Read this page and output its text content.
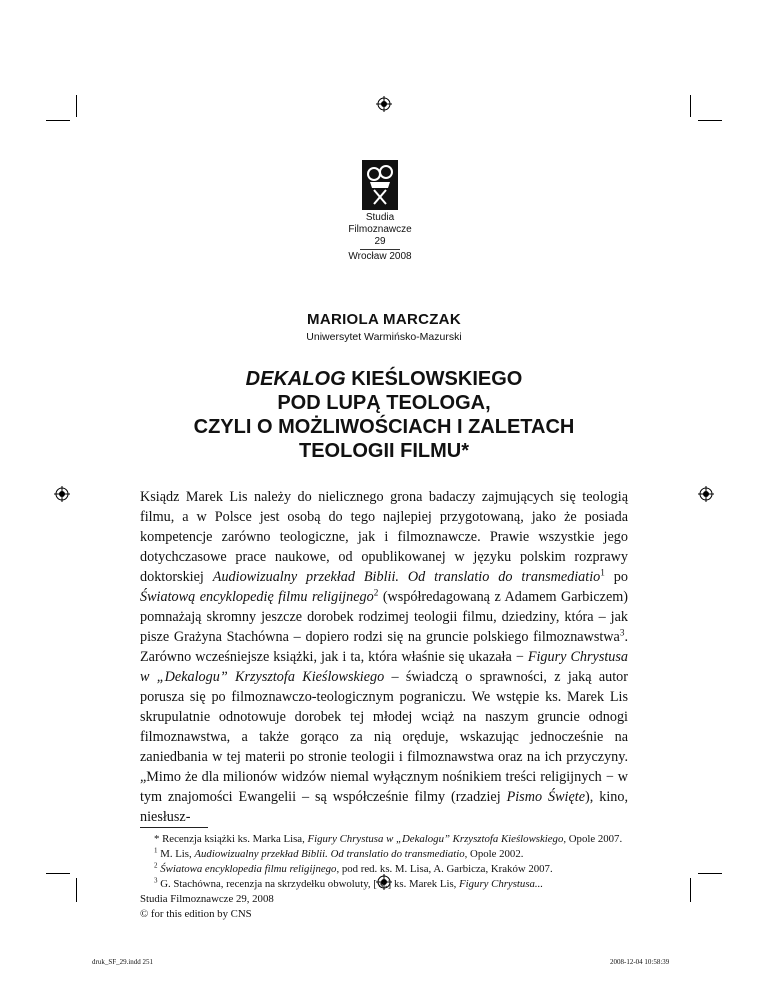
Studia
Filmoznawcze
29
Wrocław 2008
MARIOLA MARCZAK
Uniwersytet Warmińsko-Mazurski
DEKALOG KIEŚLOWSKIEGO
POD LUPĄ TEOLOGA,
CZYLI O MOŻLIWOŚCIACH I ZALETACH
TEOLOGII FILMU*

Ksiądz Marek Lis należy do nielicznego grona badaczy zajmujących się teologią filmu, a w Polsce jest osobą do tego najlepiej przygotowaną, jako że posiada kompetencje zarówno teologiczne, jak i filmoznawcze. Prawie wszystkie jego dotychczasowe prace naukowe, od opublikowanej w języku polskim rozprawy doktorskiej Audiowizualny przekład Biblii. Od translatio do transmediatio$^1$ po Światową encyklopedię filmu religijnego$^2$ (współredagowaną z Adamem Garbiczem) pomnażają skromny jeszcze dorobek rodzimej teologii filmu, dziedziny, która – jak pisze Grażyna Stachówna – dopiero rodzi się na gruncie polskiego filmoznawstwa$^3$. Zarówno wcześniejsze książki, jak i ta, która właśnie się ukazała − Figury Chrystusa w „Dekalogu” Krzysztofa Kieślowskiego – świadczą o sprawności, z jaką autor porusza się po filmoznawczo-teologicznym pograniczu. We wstępie ks. Marek Lis skrupulatnie odnotowuje dorobek tej młodej wciąż na naszym gruncie odnogi filmoznawstwa, a także gorąco za nią oręduje, wskazując jednocześnie na zaniedbania w tej materii po stronie teologii i filmoznawstwa oraz na ich przyczyny. „Mimo że dla milionów widzów niemal wyłącznym nośnikiem treści religijnych − w tym znajomości Ewangelii – są współcześnie filmy (rzadziej Pismo Święte), kino, niesłusz-

* Recenzja książki ks. Marka Lisa, Figury Chrystusa w „Dekalogu” Krzysztofa Kieślowskiego, Opole 2007.

$^1$ M. Lis, Audiowizualny przekład Biblii. Od translatio do transmediatio, Opole 2002.

$^2$ Światowa encyklopedia filmu religijnego, pod red. ks. M. Lisa, A. Garbicza, Kraków 2007.

$^3$ G. Stachówna, recenzja na skrzydełku obwoluty, [w:] ks. Marek Lis, Figury Chrystusa...

Studia Filmoznawcze 29, 2008
© for this edition by CNS
druk_SF_29.indd 251	2008-12-04 10:58:39
